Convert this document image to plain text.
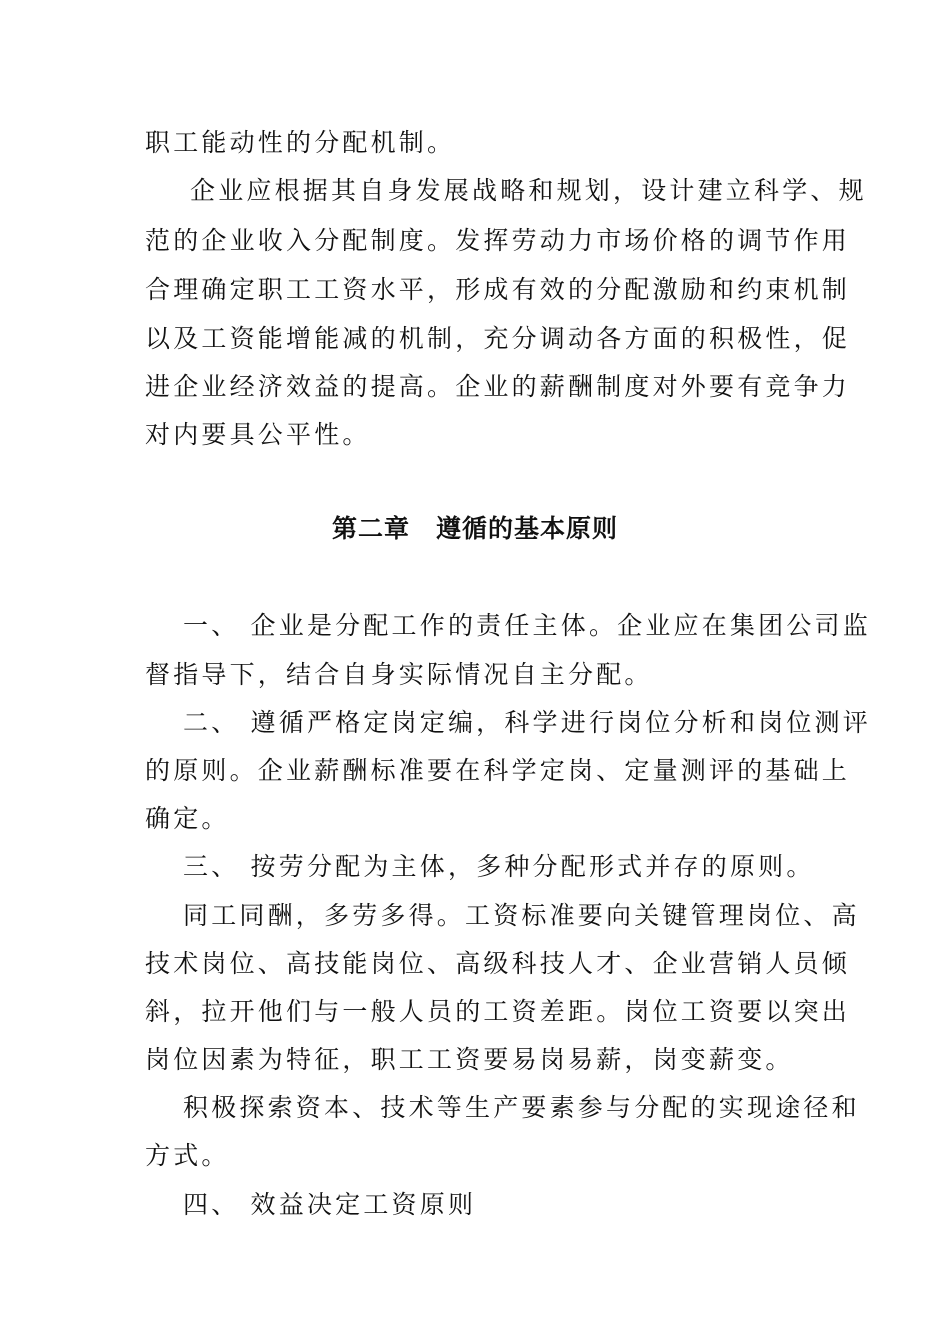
职工能动性的分配机制。
企业应根据其自身发展战略和规划，设计建立科学、规
范的企业收入分配制度。发挥劳动力市场价格的调节作用
合理确定职工工资水平，形成有效的分配激励和约束机制
以及工资能增能减的机制，充分调动各方面的积极性，促
进企业经济效益的提高。企业的薪酬制度对外要有竞争力
对内要具公平性。
第二章　遵循的基本原则
一、 企业是分配工作的责任主体。企业应在集团公司监
督指导下，结合自身实际情况自主分配。
二、 遵循严格定岗定编，科学进行岗位分析和岗位测评
的原则。企业薪酬标准要在科学定岗、定量测评的基础上
确定。
三、 按劳分配为主体，多种分配形式并存的原则。
同工同酬，多劳多得。工资标准要向关键管理岗位、高
技术岗位、高技能岗位、高级科技人才、企业营销人员倾
斜，拉开他们与一般人员的工资差距。岗位工资要以突出
岗位因素为特征，职工工资要易岗易薪，岗变薪变。
积极探索资本、技术等生产要素参与分配的实现途径和
方式。
四、 效益决定工资原则
